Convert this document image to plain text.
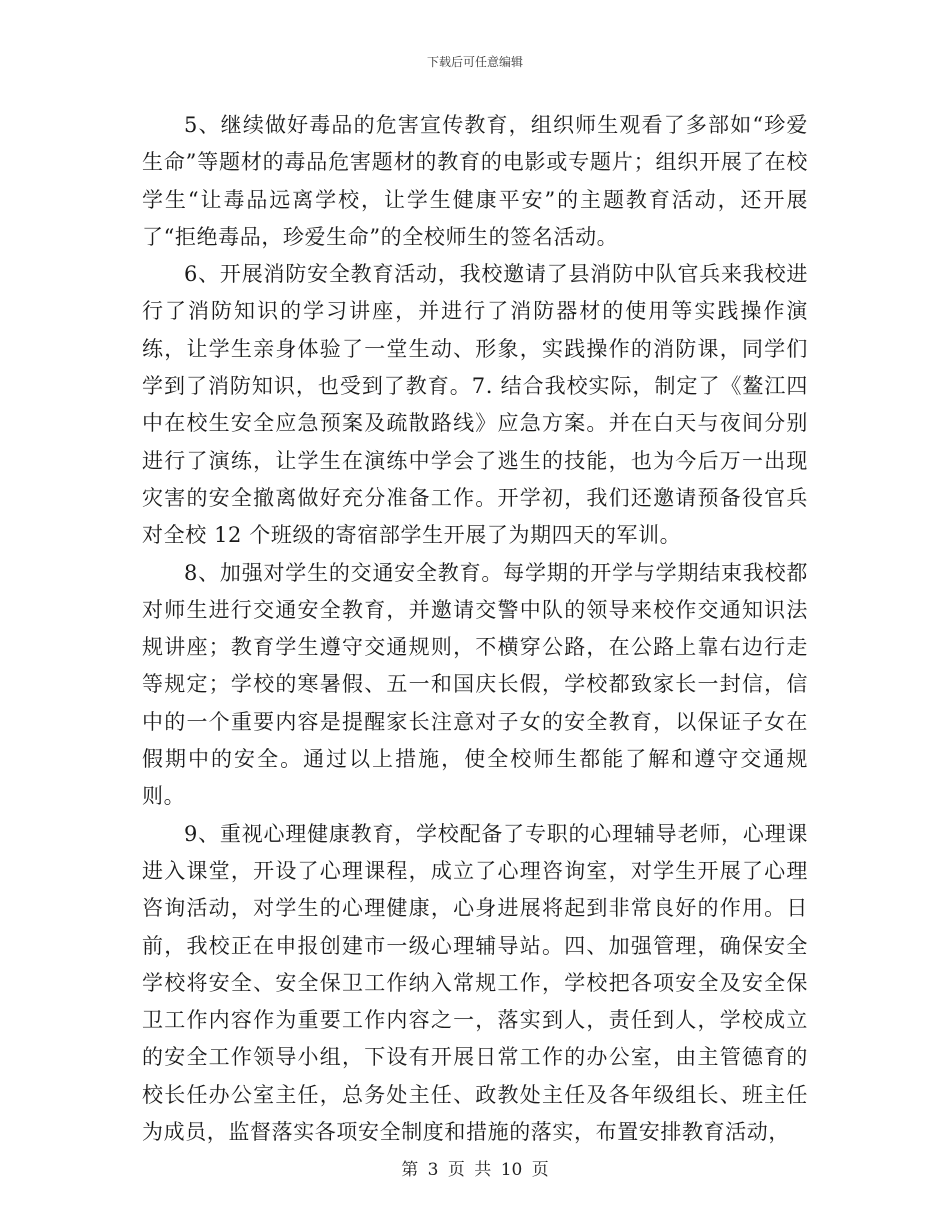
下载后可任意编辑

5、继续做好毒品的危害宣传教育，组织师生观看了多部如“珍爱生命”等题材的毒品危害题材的教育的电影或专题片；组织开展了在校学生“让毒品远离学校，让学生健康平安”的主题教育活动，还开展了“拒绝毒品，珍爱生命”的全校师生的签名活动。

6、开展消防安全教育活动，我校邀请了县消防中队官兵来我校进行了消防知识的学习讲座，并进行了消防器材的使用等实践操作演练，让学生亲身体验了一堂生动、形象，实践操作的消防课，同学们学到了消防知识，也受到了教育。7. 结合我校实际，制定了《鳌江四中在校生安全应急预案及疏散路线》应急方案。并在白天与夜间分别进行了演练，让学生在演练中学会了逃生的技能，也为今后万一出现灾害的安全撤离做好充分准备工作。开学初，我们还邀请预备役官兵对全校 12 个班级的寄宿部学生开展了为期四天的军训。

8、加强对学生的交通安全教育。每学期的开学与学期结束我校都对师生进行交通安全教育，并邀请交警中队的领导来校作交通知识法规讲座；教育学生遵守交通规则，不横穿公路，在公路上靠右边行走等规定；学校的寒暑假、五一和国庆长假，学校都致家长一封信，信中的一个重要内容是提醒家长注意对子女的安全教育，以保证子女在假期中的安全。通过以上措施，使全校师生都能了解和遵守交通规则。

9、重视心理健康教育，学校配备了专职的心理辅导老师，心理课进入课堂，开设了心理课程，成立了心理咨询室，对学生开展了心理咨询活动，对学生的心理健康，心身进展将起到非常良好的作用。日前，我校正在申报创建市一级心理辅导站。四、加强管理，确保安全学校将安全、安全保卫工作纳入常规工作，学校把各项安全及安全保卫工作内容作为重要工作内容之一，落实到人，责任到人，学校成立的安全工作领导小组，下设有开展日常工作的办公室，由主管德育的校长任办公室主任，总务处主任、政教处主任及各年级组长、班主任为成员，监督落实各项安全制度和措施的落实，布置安排教育活动，

第 3 页 共 10 页
